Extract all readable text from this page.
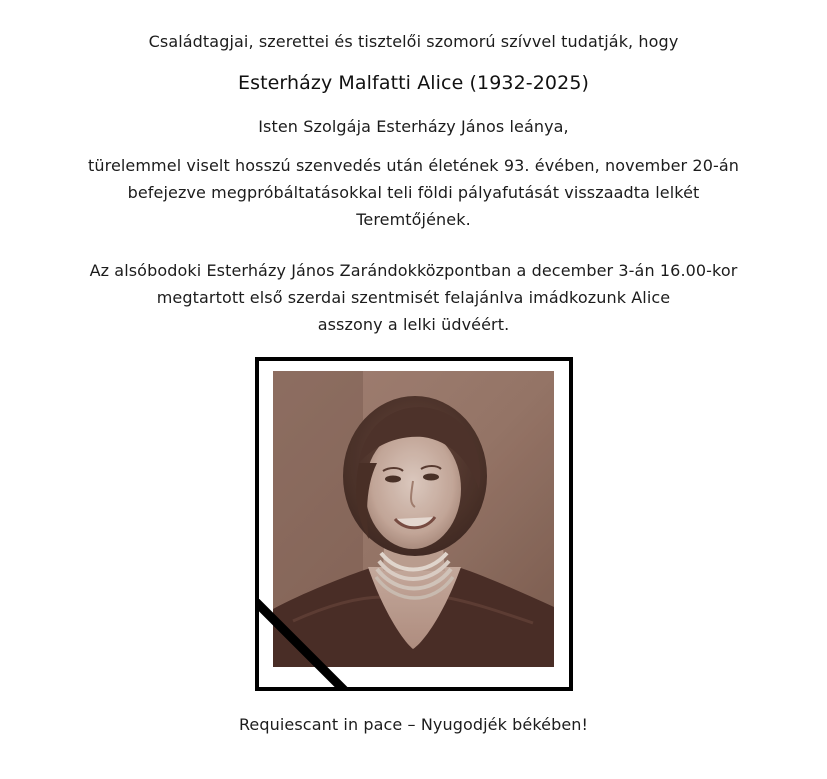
Családtagjai, szerettei és tisztelői szomorú szívvel tudatják, hogy
Esterházy Malfatti Alice (1932-2025)
Isten Szolgája Esterházy János leánya,
türelemmel viselt hosszú szenvedés után életének 93. évében, november 20-án
befejezve megpróbáltatásokkal teli földi pályafutását visszaadta lelkét
Teremtőjének.
Az alsóbodoki Esterházy János Zarándokközpontban a december 3-án 16.00-kor
megtartott első szerdai szentmisét felajánlva imádkozunk Alice
asszony a lelki üdvéért.
Requiescant in pace – Nyugodjék békében!
